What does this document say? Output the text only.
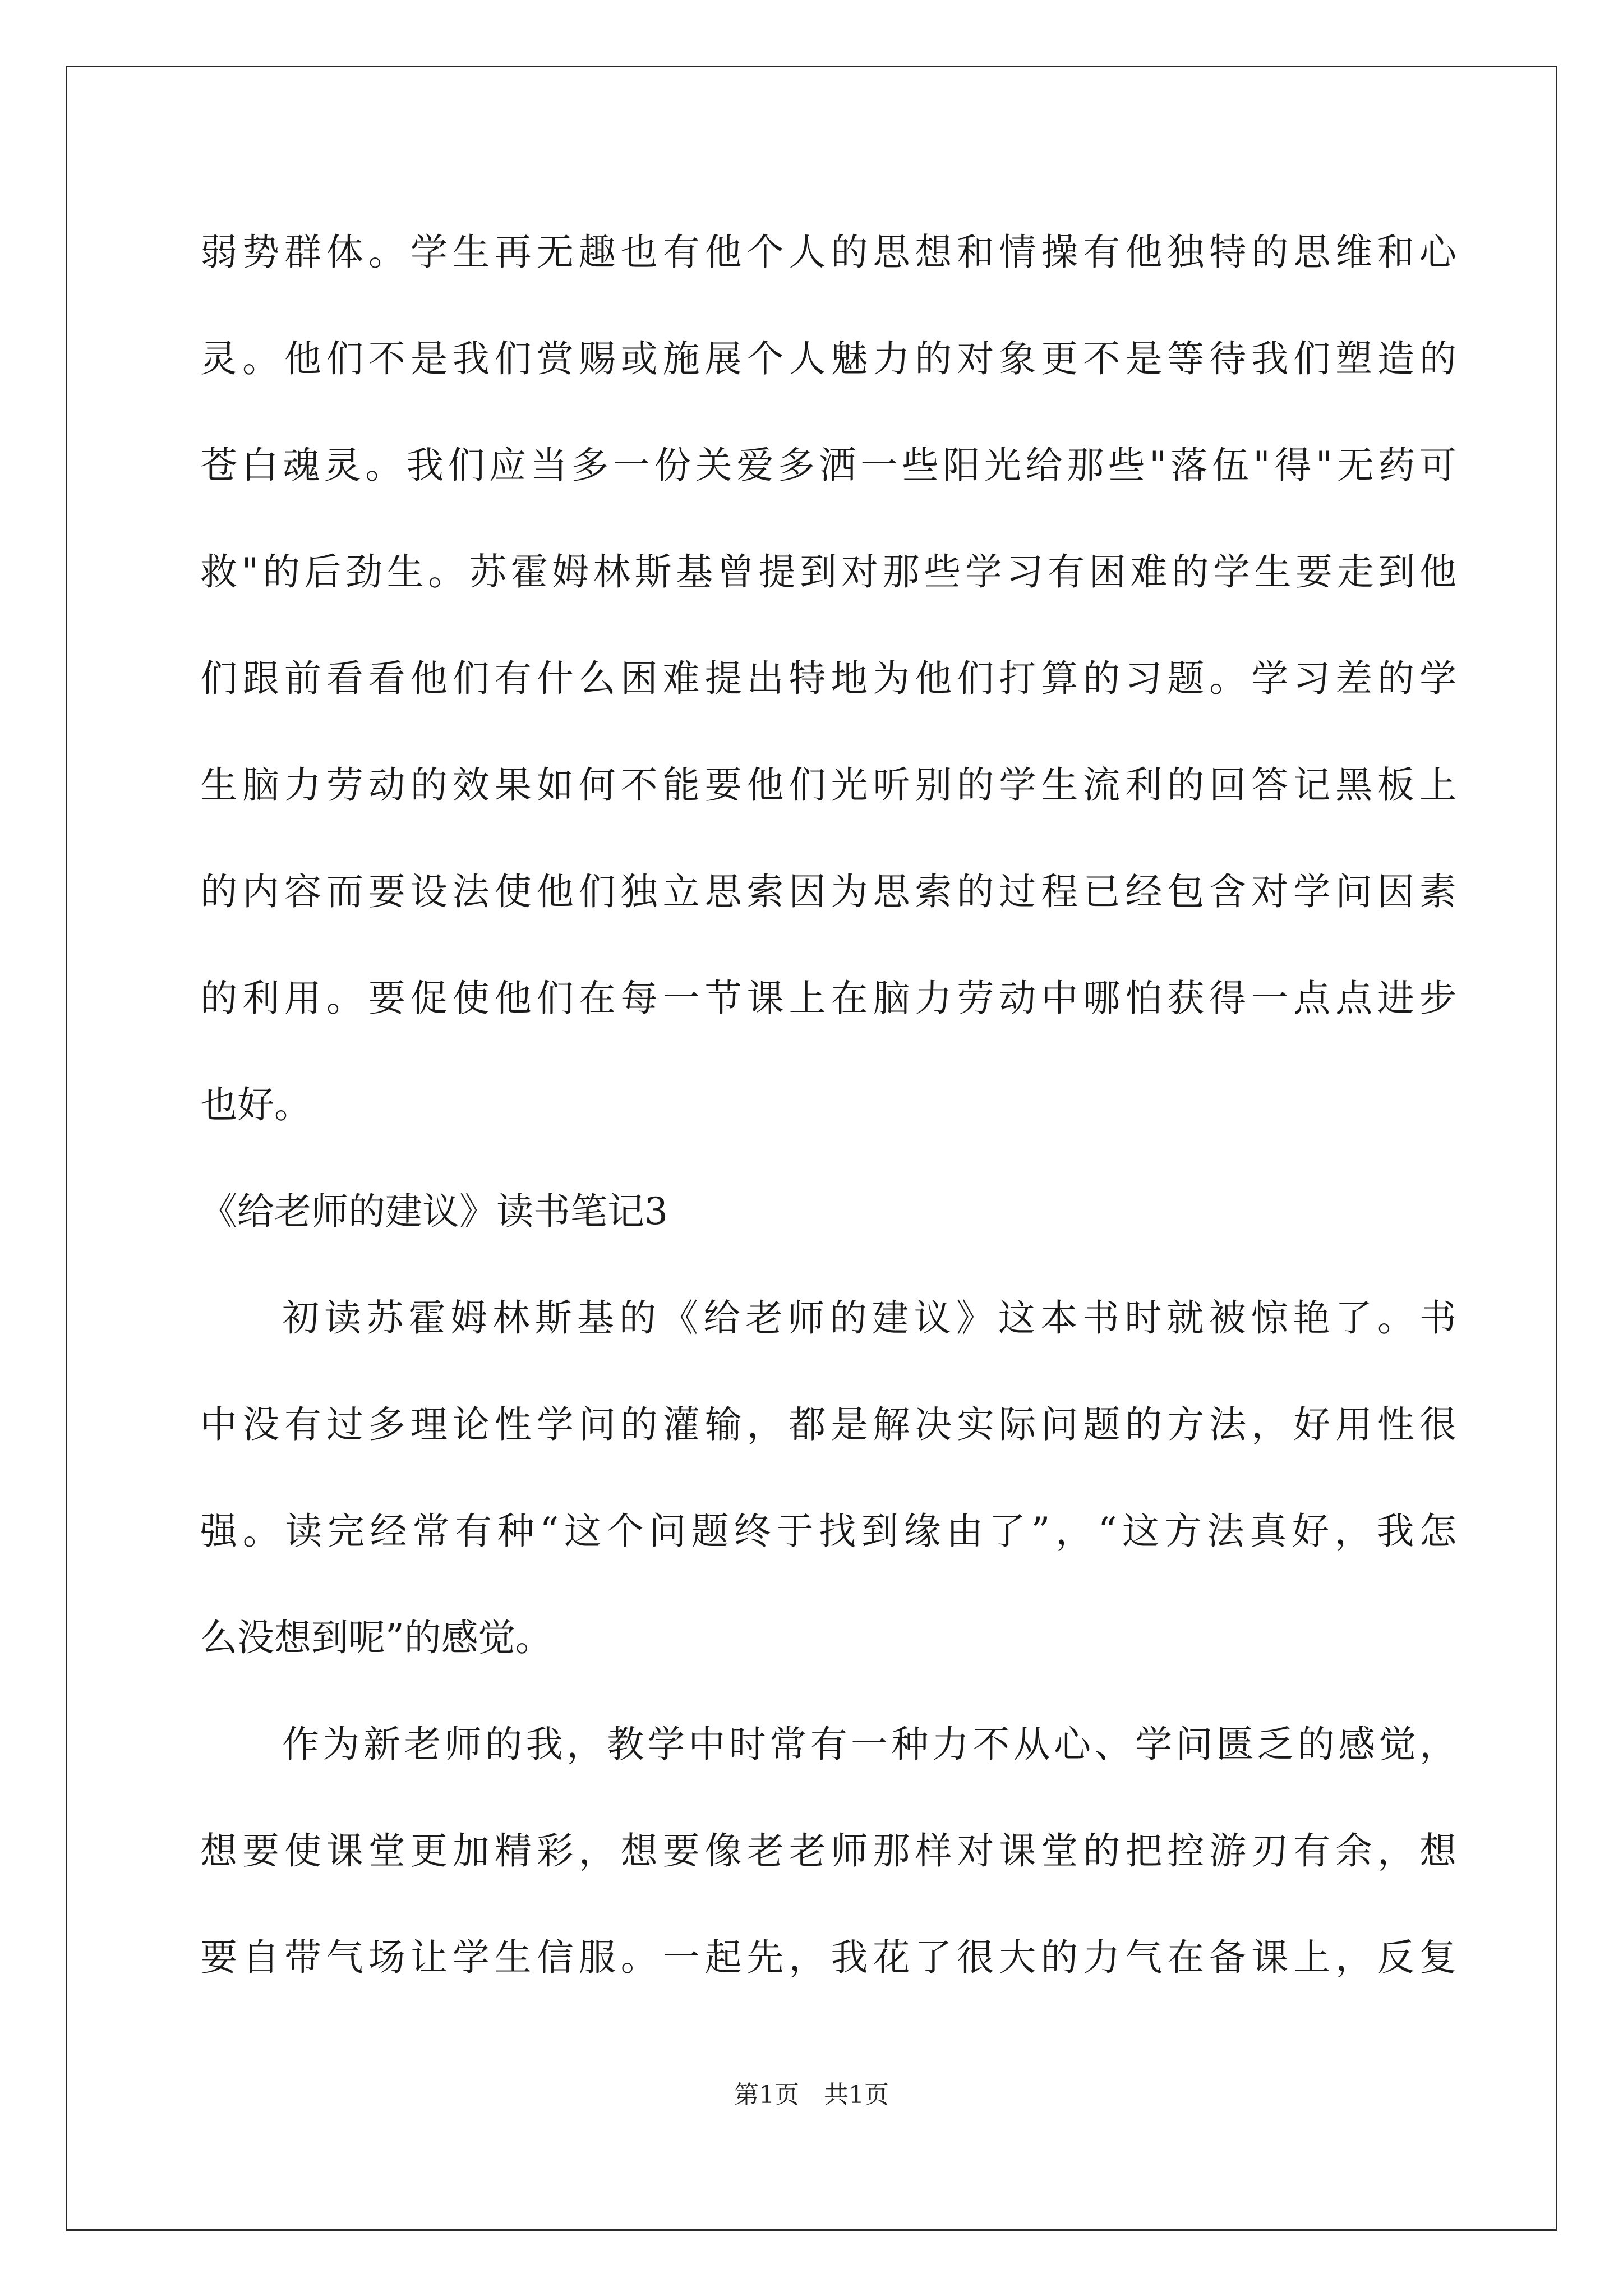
弱势群体。学生再无趣也有他个人的思想和情操有他独特的思维和心
灵。他们不是我们赏赐或施展个人魅力的对象更不是等待我们塑造的
苍白魂灵。我们应当多一份关爱多洒一些阳光给那些"落伍"得"无药可
救"的后劲生。苏霍姆林斯基曾提到对那些学习有困难的学生要走到他
们跟前看看他们有什么困难提出特地为他们打算的习题。学习差的学
生脑力劳动的效果如何不能要他们光听别的学生流利的回答记黑板上
的内容而要设法使他们独立思索因为思索的过程已经包含对学问因素
的利用。要促使他们在每一节课上在脑力劳动中哪怕获得一点点进步
也好。
《给老师的建议》读书笔记3
初读苏霍姆林斯基的《给老师的建议》这本书时就被惊艳了。书
中没有过多理论性学问的灌输，都是解决实际问题的方法，好用性很
强。读完经常有种“这个问题终于找到缘由了”，“这方法真好，我怎
么没想到呢”的感觉。
作为新老师的我，教学中时常有一种力不从心、学问匮乏的感觉，
想要使课堂更加精彩，想要像老老师那样对课堂的把控游刃有余，想
要自带气场让学生信服。一起先，我花了很大的力气在备课上，反复
第1页　共1页
